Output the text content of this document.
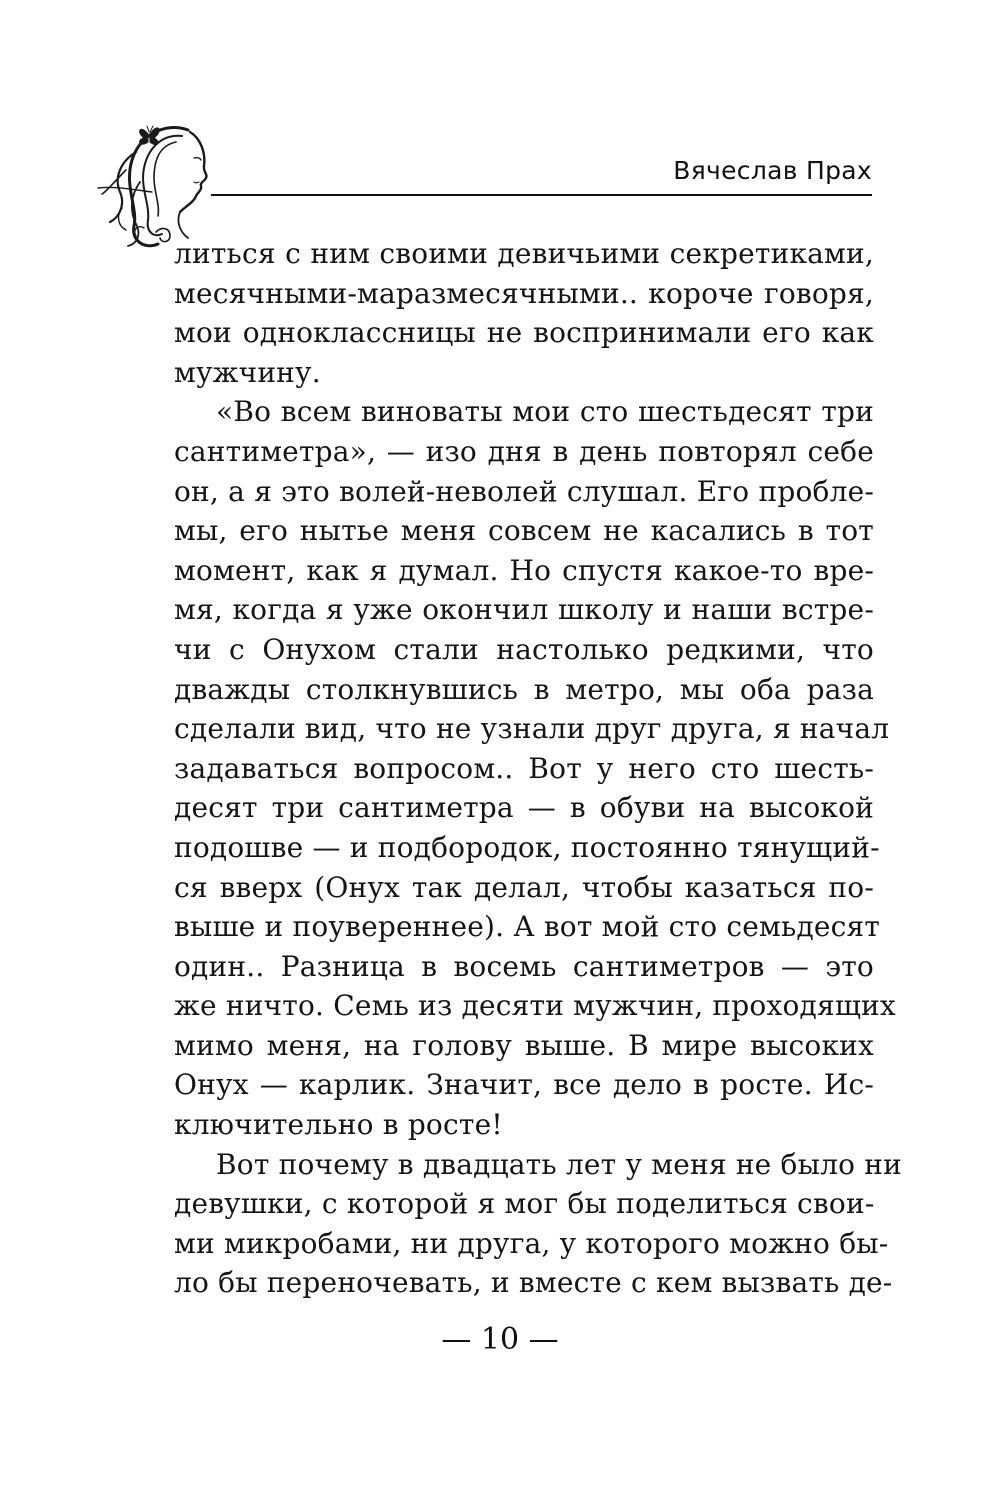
Вячеслав Прах
литься с ним своими девичьими секретиками,
месячными-маразмесячными.. короче говоря,
мои одноклассницы не воспринимали его как
мужчину.
«Во всем виноваты мои сто шестьдесят три
сантиметра», — изо дня в день повторял себе
он, а я это волей-неволей слушал. Его пробле-
мы, его нытье меня совсем не касались в тот
момент, как я думал. Но спустя какое-то вре-
мя, когда я уже окончил школу и наши встре-
чи с Онухом стали настолько редкими, что
дважды столкнувшись в метро, мы оба раза
сделали вид, что не узнали друг друга, я начал
задаваться вопросом.. Вот у него сто шесть-
десят три сантиметра — в обуви на высокой
подошве — и подбородок, постоянно тянущий-
ся вверх (Онух так делал, чтобы казаться по-
выше и поувереннее). А вот мой сто семьдесят
один.. Разница в восемь сантиметров — это
же ничто. Семь из десяти мужчин, проходящих
мимо меня, на голову выше. В мире высоких
Онух — карлик. Значит, все дело в росте. Ис-
ключительно в росте!
Вот почему в двадцать лет у меня не было ни
девушки, с которой я мог бы поделиться свои-
ми микробами, ни друга, у которого можно бы-
ло бы переночевать, и вместе с кем вызвать де-
— 10 —
